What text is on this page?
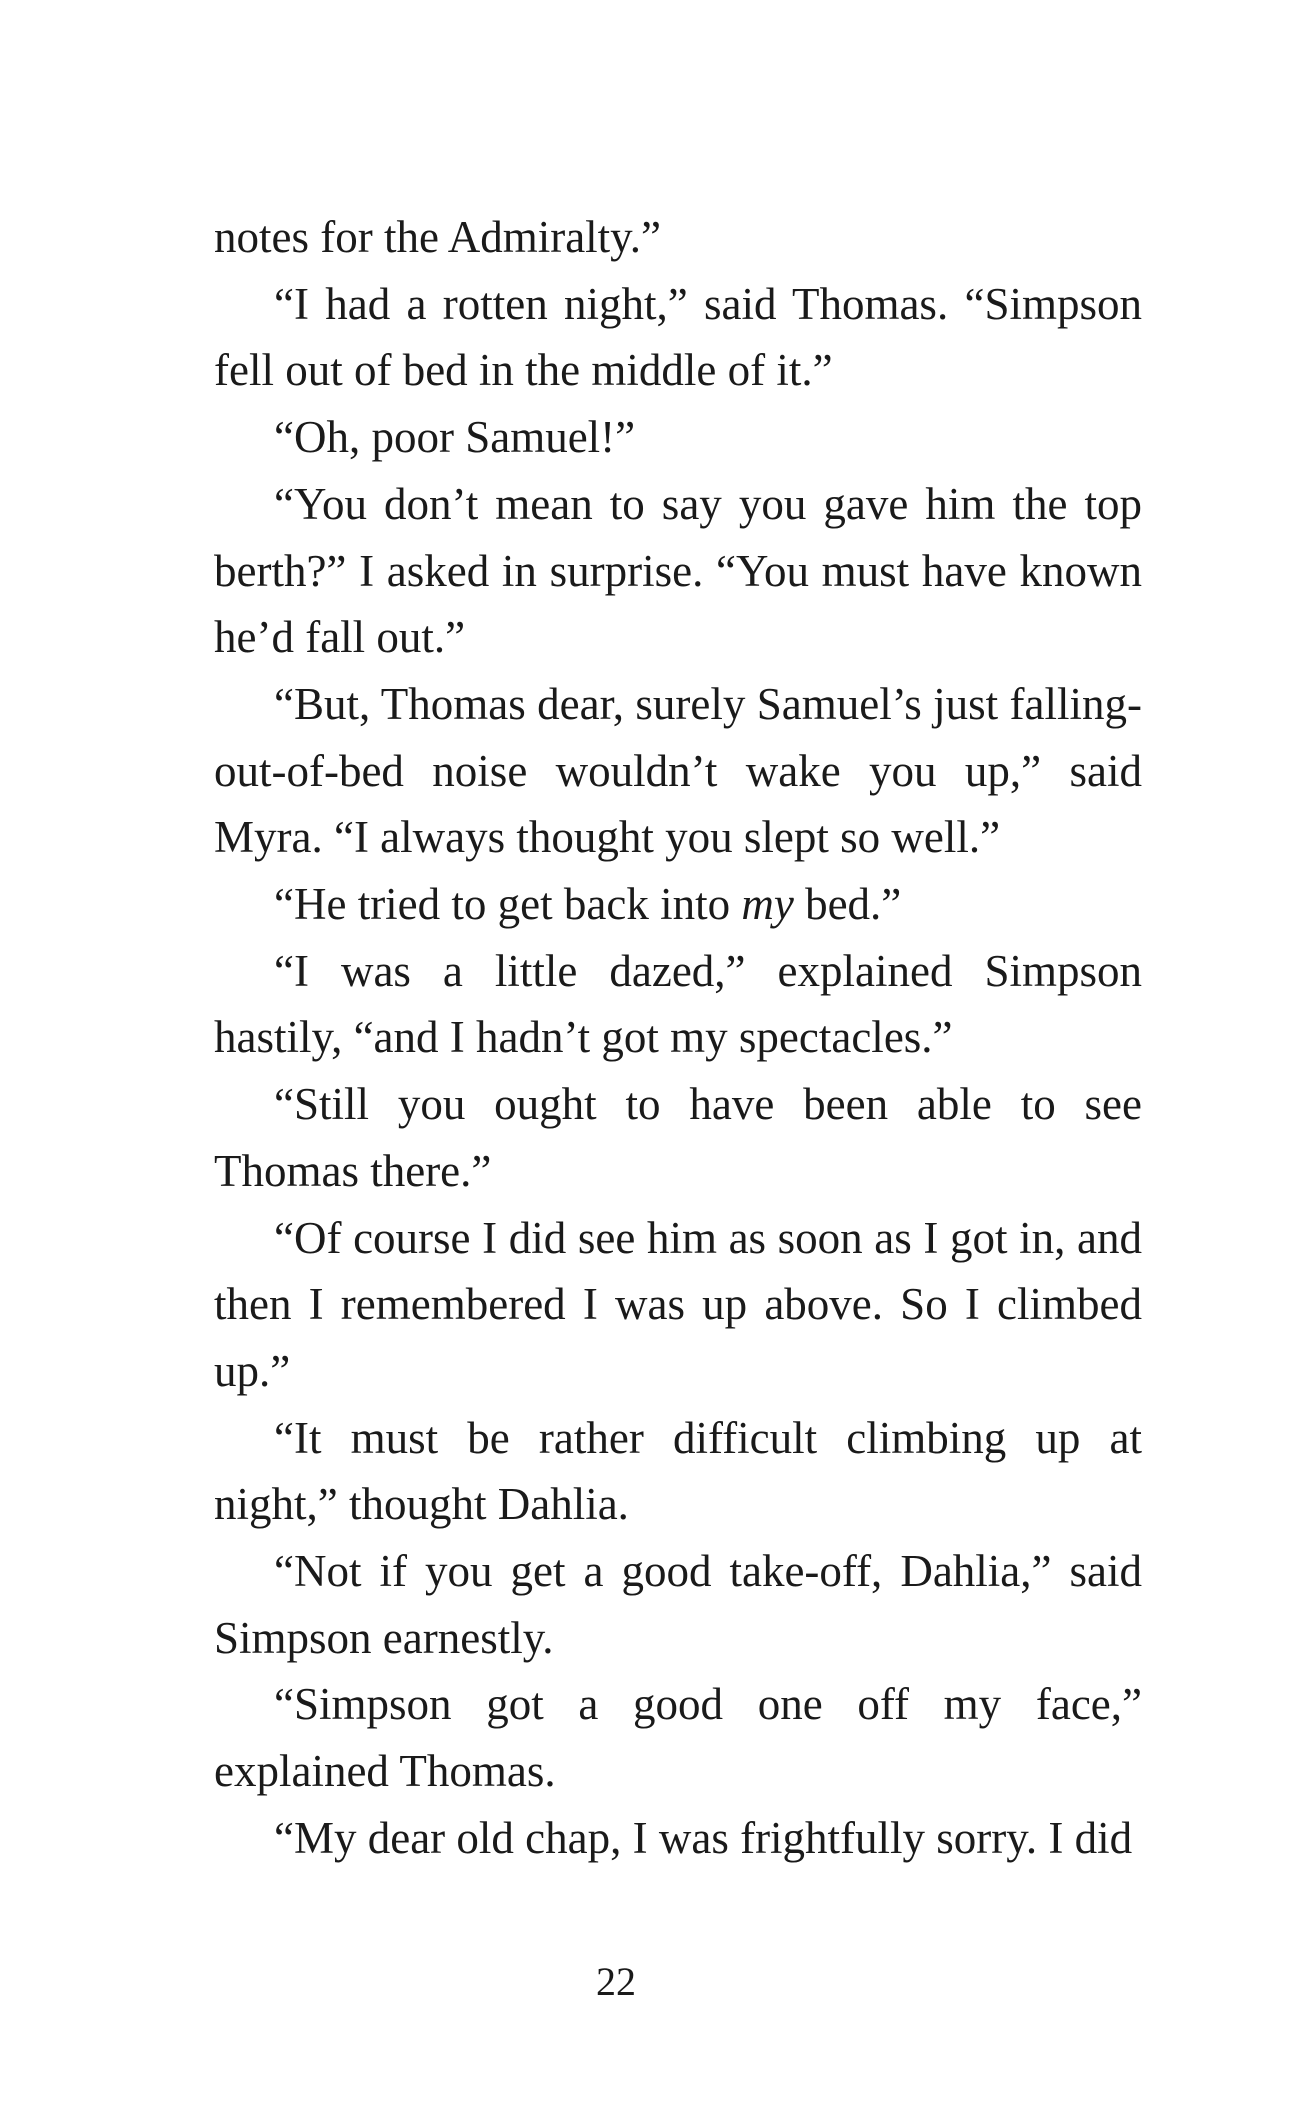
notes for the Admiralty.”

“I had a rotten night,” said Thomas. “Simpson fell out of bed in the middle of it.”

“Oh, poor Samuel!”

“You don’t mean to say you gave him the top berth?” I asked in surprise. “You must have known he’d fall out.”

“But, Thomas dear, surely Samuel’s just falling-out-of-bed noise wouldn’t wake you up,” said Myra. “I always thought you slept so well.”

“He tried to get back into my bed.”

“I was a little dazed,” explained Simpson hastily, “and I hadn’t got my spectacles.”

“Still you ought to have been able to see Thomas there.”

“Of course I did see him as soon as I got in, and then I remembered I was up above. So I climbed up.”

“It must be rather difficult climbing up at night,” thought Dahlia.

“Not if you get a good take-off, Dahlia,” said Simpson earnestly.

“Simpson got a good one off my face,” explained Thomas.

“My dear old chap, I was frightfully sorry. I did

22
